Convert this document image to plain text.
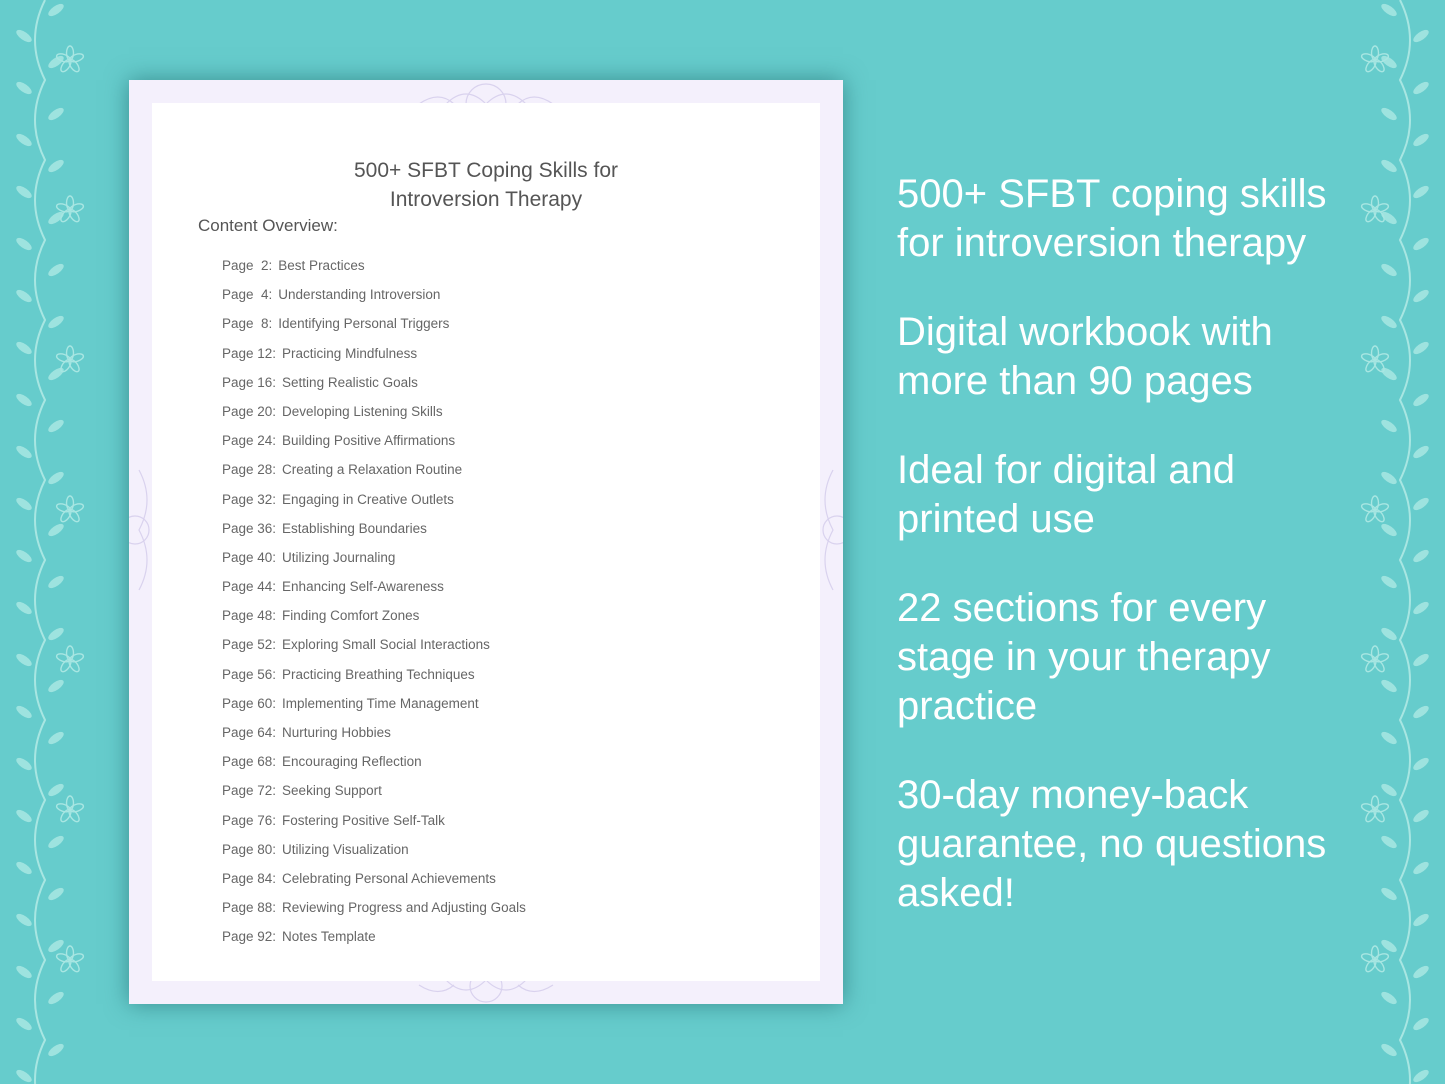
500+ SFBT Coping Skills for
Introversion Therapy
Content Overview:
Page  2: Best Practices
Page  4: Understanding Introversion
Page  8: Identifying Personal Triggers
Page 12: Practicing Mindfulness
Page 16: Setting Realistic Goals
Page 20: Developing Listening Skills
Page 24: Building Positive Affirmations
Page 28: Creating a Relaxation Routine
Page 32: Engaging in Creative Outlets
Page 36: Establishing Boundaries
Page 40: Utilizing Journaling
Page 44: Enhancing Self-Awareness
Page 48: Finding Comfort Zones
Page 52: Exploring Small Social Interactions
Page 56: Practicing Breathing Techniques
Page 60: Implementing Time Management
Page 64: Nurturing Hobbies
Page 68: Encouraging Reflection
Page 72: Seeking Support
Page 76: Fostering Positive Self-Talk
Page 80: Utilizing Visualization
Page 84: Celebrating Personal Achievements
Page 88: Reviewing Progress and Adjusting Goals
Page 92: Notes Template
500+ SFBT coping skills for introversion therapy
Digital workbook with more than 90 pages
Ideal for digital and printed use
22 sections for every stage in your therapy practice
30-day money-back guarantee, no questions asked!
